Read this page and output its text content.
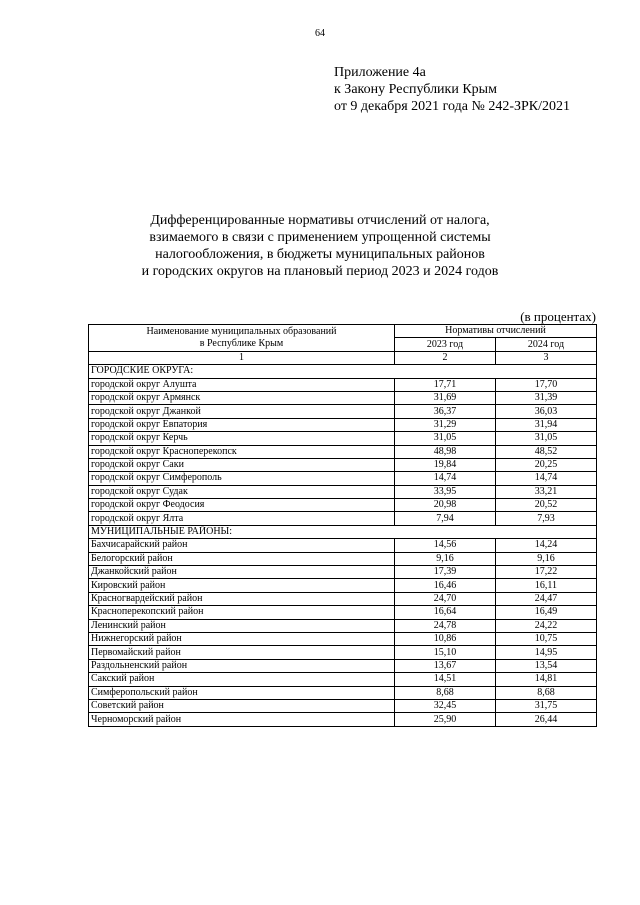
64
Приложение 4а
к Закону Республики Крым
от 9 декабря 2021 года № 242-ЗРК/2021
Дифференцированные нормативы отчислений от налога,
взимаемого в связи с применением упрощенной системы
налогообложения, в бюджеты муниципальных районов
и городских округов на плановый период 2023 и 2024 годов
(в процентах)
Наименование муниципальных образований
в Республике Крым	Нормативы отчислений	
	2023 год	2024 год
1	2	3
ГОРОДСКИЕ ОКРУГА:		
городской округ Алушта	17,71	17,70
городской округ Армянск	31,69	31,39
городской округ Джанкой	36,37	36,03
городской округ Евпатория	31,29	31,94
городской округ Керчь	31,05	31,05
городской округ Красноперекопск	48,98	48,52
городской округ Саки	19,84	20,25
городской округ Симферополь	14,74	14,74
городской округ Судак	33,95	33,21
городской округ Феодосия	20,98	20,52
городской округ Ялта	7,94	7,93
МУНИЦИПАЛЬНЫЕ РАЙОНЫ:		
Бахчисарайский район	14,56	14,24
Белогорский район	9,16	9,16
Джанкойский район	17,39	17,22
Кировский район	16,46	16,11
Красногвардейский район	24,70	24,47
Красноперекопский район	16,64	16,49
Ленинский район	24,78	24,22
Нижнегорский район	10,86	10,75
Первомайский район	15,10	14,95
Раздольненский район	13,67	13,54
Сакский район	14,51	14,81
Симферопольский район	8,68	8,68
Советский район	32,45	31,75
Черноморский район	25,90	26,44
